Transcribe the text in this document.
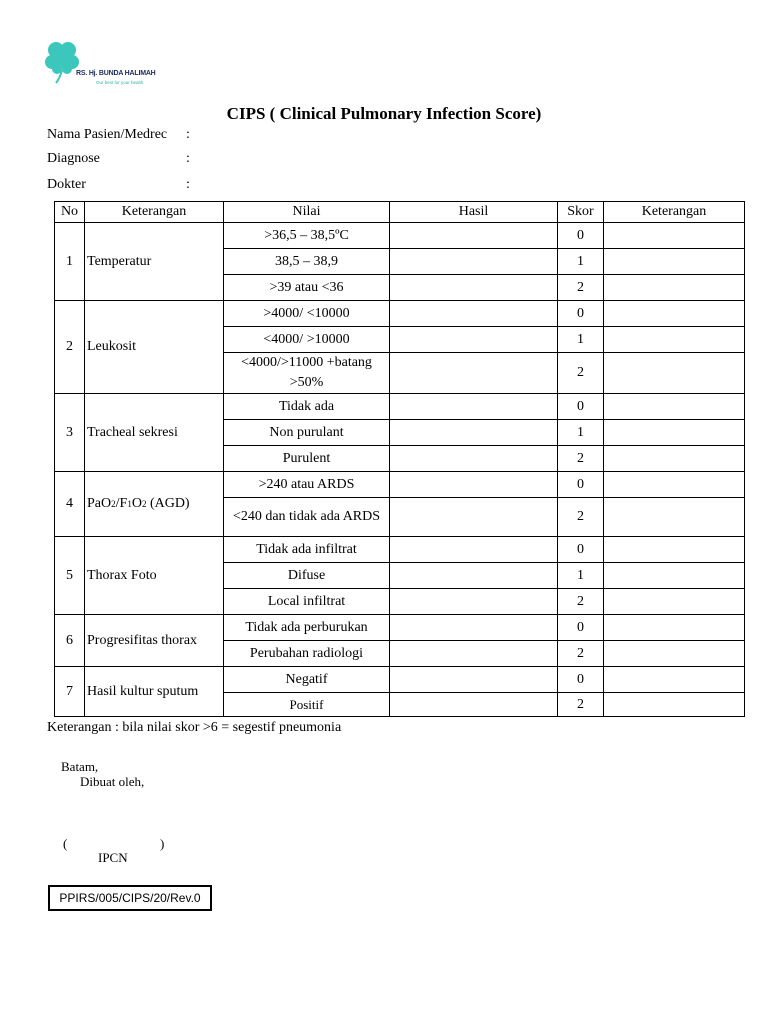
RS. Hj. BUNDA HALIMAH
Our best for your health
CIPS ( Clinical Pulmonary Infection Score)
Nama Pasien/Medrec :
Diagnose	:
Dokter	:
No	Keterangan	Nilai	Hasil	Skor	Keterangan
1	Temperatur	>36,5 – 38,5ºC		0	
		38,5 – 38,9		1	
		>39 atau <36		2	
2	Leukosit	>4000/ <10000		0	
		<4000/ >10000		1	
		<4000/>11000 +batang >50%		2	
3	Tracheal sekresi	Tidak ada		0	
		Non purulant		1	
		Purulent		2	
4	PaO2/F1O2 (AGD)	>240 atau ARDS		0	
		<240 dan tidak ada ARDS		2	
5	Thorax Foto	Tidak ada infiltrat		0	
		Difuse		1	
		Local infiltrat		2	
6	Progresifitas thorax	Tidak ada perburukan		0	
		Perubahan radiologi		2	
7	Hasil kultur sputum	Negatif		0	
		Positif		2	
Keterangan : bila nilai skor >6 = segestif pneumonia
Batam,
Dibuat oleh,
(	)
IPCN
PPIRS/005/CIPS/20/Rev.0
